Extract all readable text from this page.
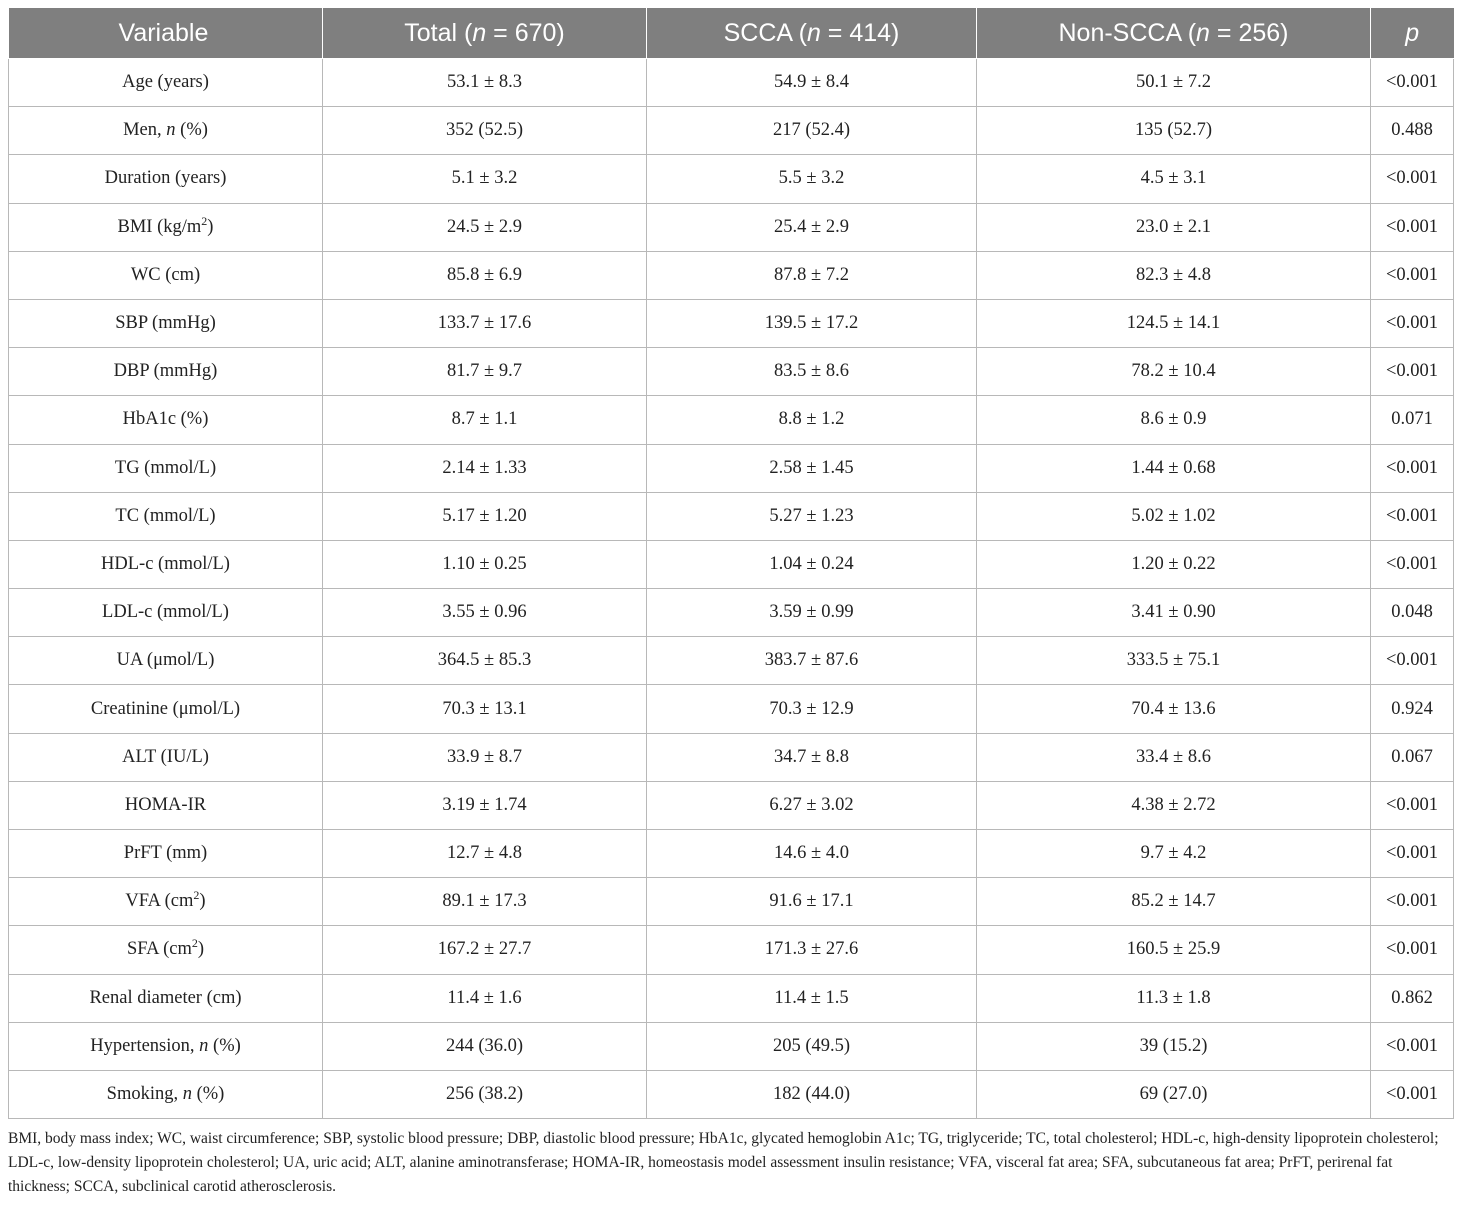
Variable	Total (n = 670)	SCCA (n = 414)	Non-SCCA (n = 256)	p
Age (years)	53.1 ± 8.3	54.9 ± 8.4	50.1 ± 7.2	<0.001
Men, n (%)	352 (52.5)	217 (52.4)	135 (52.7)	0.488
Duration (years)	5.1 ± 3.2	5.5 ± 3.2	4.5 ± 3.1	<0.001
BMI $(kg/m^2)$	24.5 ± 2.9	25.4 ± 2.9	23.0 ± 2.1	<0.001
WC (cm)	85.8 ± 6.9	87.8 ± 7.2	82.3 ± 4.8	<0.001
SBP (mmHg)	133.7 ± 17.6	139.5 ± 17.2	124.5 ± 14.1	<0.001
DBP (mmHg)	81.7 ± 9.7	83.5 ± 8.6	78.2 ± 10.4	<0.001
HbA1c (%)	8.7 ± 1.1	8.8 ± 1.2	8.6 ± 0.9	0.071
TG (mmol/L)	2.14 ± 1.33	2.58 ± 1.45	1.44 ± 0.68	<0.001
TC (mmol/L)	5.17 ± 1.20	5.27 ± 1.23	5.02 ± 1.02	<0.001
HDL-c (mmol/L)	1.10 ± 0.25	1.04 ± 0.24	1.20 ± 0.22	<0.001
LDL-c (mmol/L)	3.55 ± 0.96	3.59 ± 0.99	3.41 ± 0.90	0.048
UA (μmol/L)	364.5 ± 85.3	383.7 ± 87.6	333.5 ± 75.1	<0.001
Creatinine (μmol/L)	70.3 ± 13.1	70.3 ± 12.9	70.4 ± 13.6	0.924
ALT (IU/L)	33.9 ± 8.7	34.7 ± 8.8	33.4 ± 8.6	0.067
HOMA-IR	3.19 ± 1.74	6.27 ± 3.02	4.38 ± 2.72	<0.001
PrFT (mm)	12.7 ± 4.8	14.6 ± 4.0	9.7 ± 4.2	<0.001
VFA $(cm^2)$	89.1 ± 17.3	91.6 ± 17.1	85.2 ± 14.7	<0.001
SFA $(cm^2)$	167.2 ± 27.7	171.3 ± 27.6	160.5 ± 25.9	<0.001
Renal diameter (cm)	11.4 ± 1.6	11.4 ± 1.5	11.3 ± 1.8	0.862
Hypertension, n (%)	244 (36.0)	205 (49.5)	39 (15.2)	<0.001
Smoking, n (%)	256 (38.2)	182 (44.0)	69 (27.0)	<0.001
BMI, body mass index; WC, waist circumference; SBP, systolic blood pressure; DBP, diastolic blood pressure; HbA1c, glycated hemoglobin A1c; TG, triglyceride; TC, total cholesterol; HDL-c, high-density lipoprotein cholesterol; LDL-c, low-density lipoprotein cholesterol; UA, uric acid; ALT, alanine aminotransferase; HOMA-IR, homeostasis model assessment insulin resistance; VFA, visceral fat area; SFA, subcutaneous fat area; PrFT, perirenal fat thickness; SCCA, subclinical carotid atherosclerosis.
